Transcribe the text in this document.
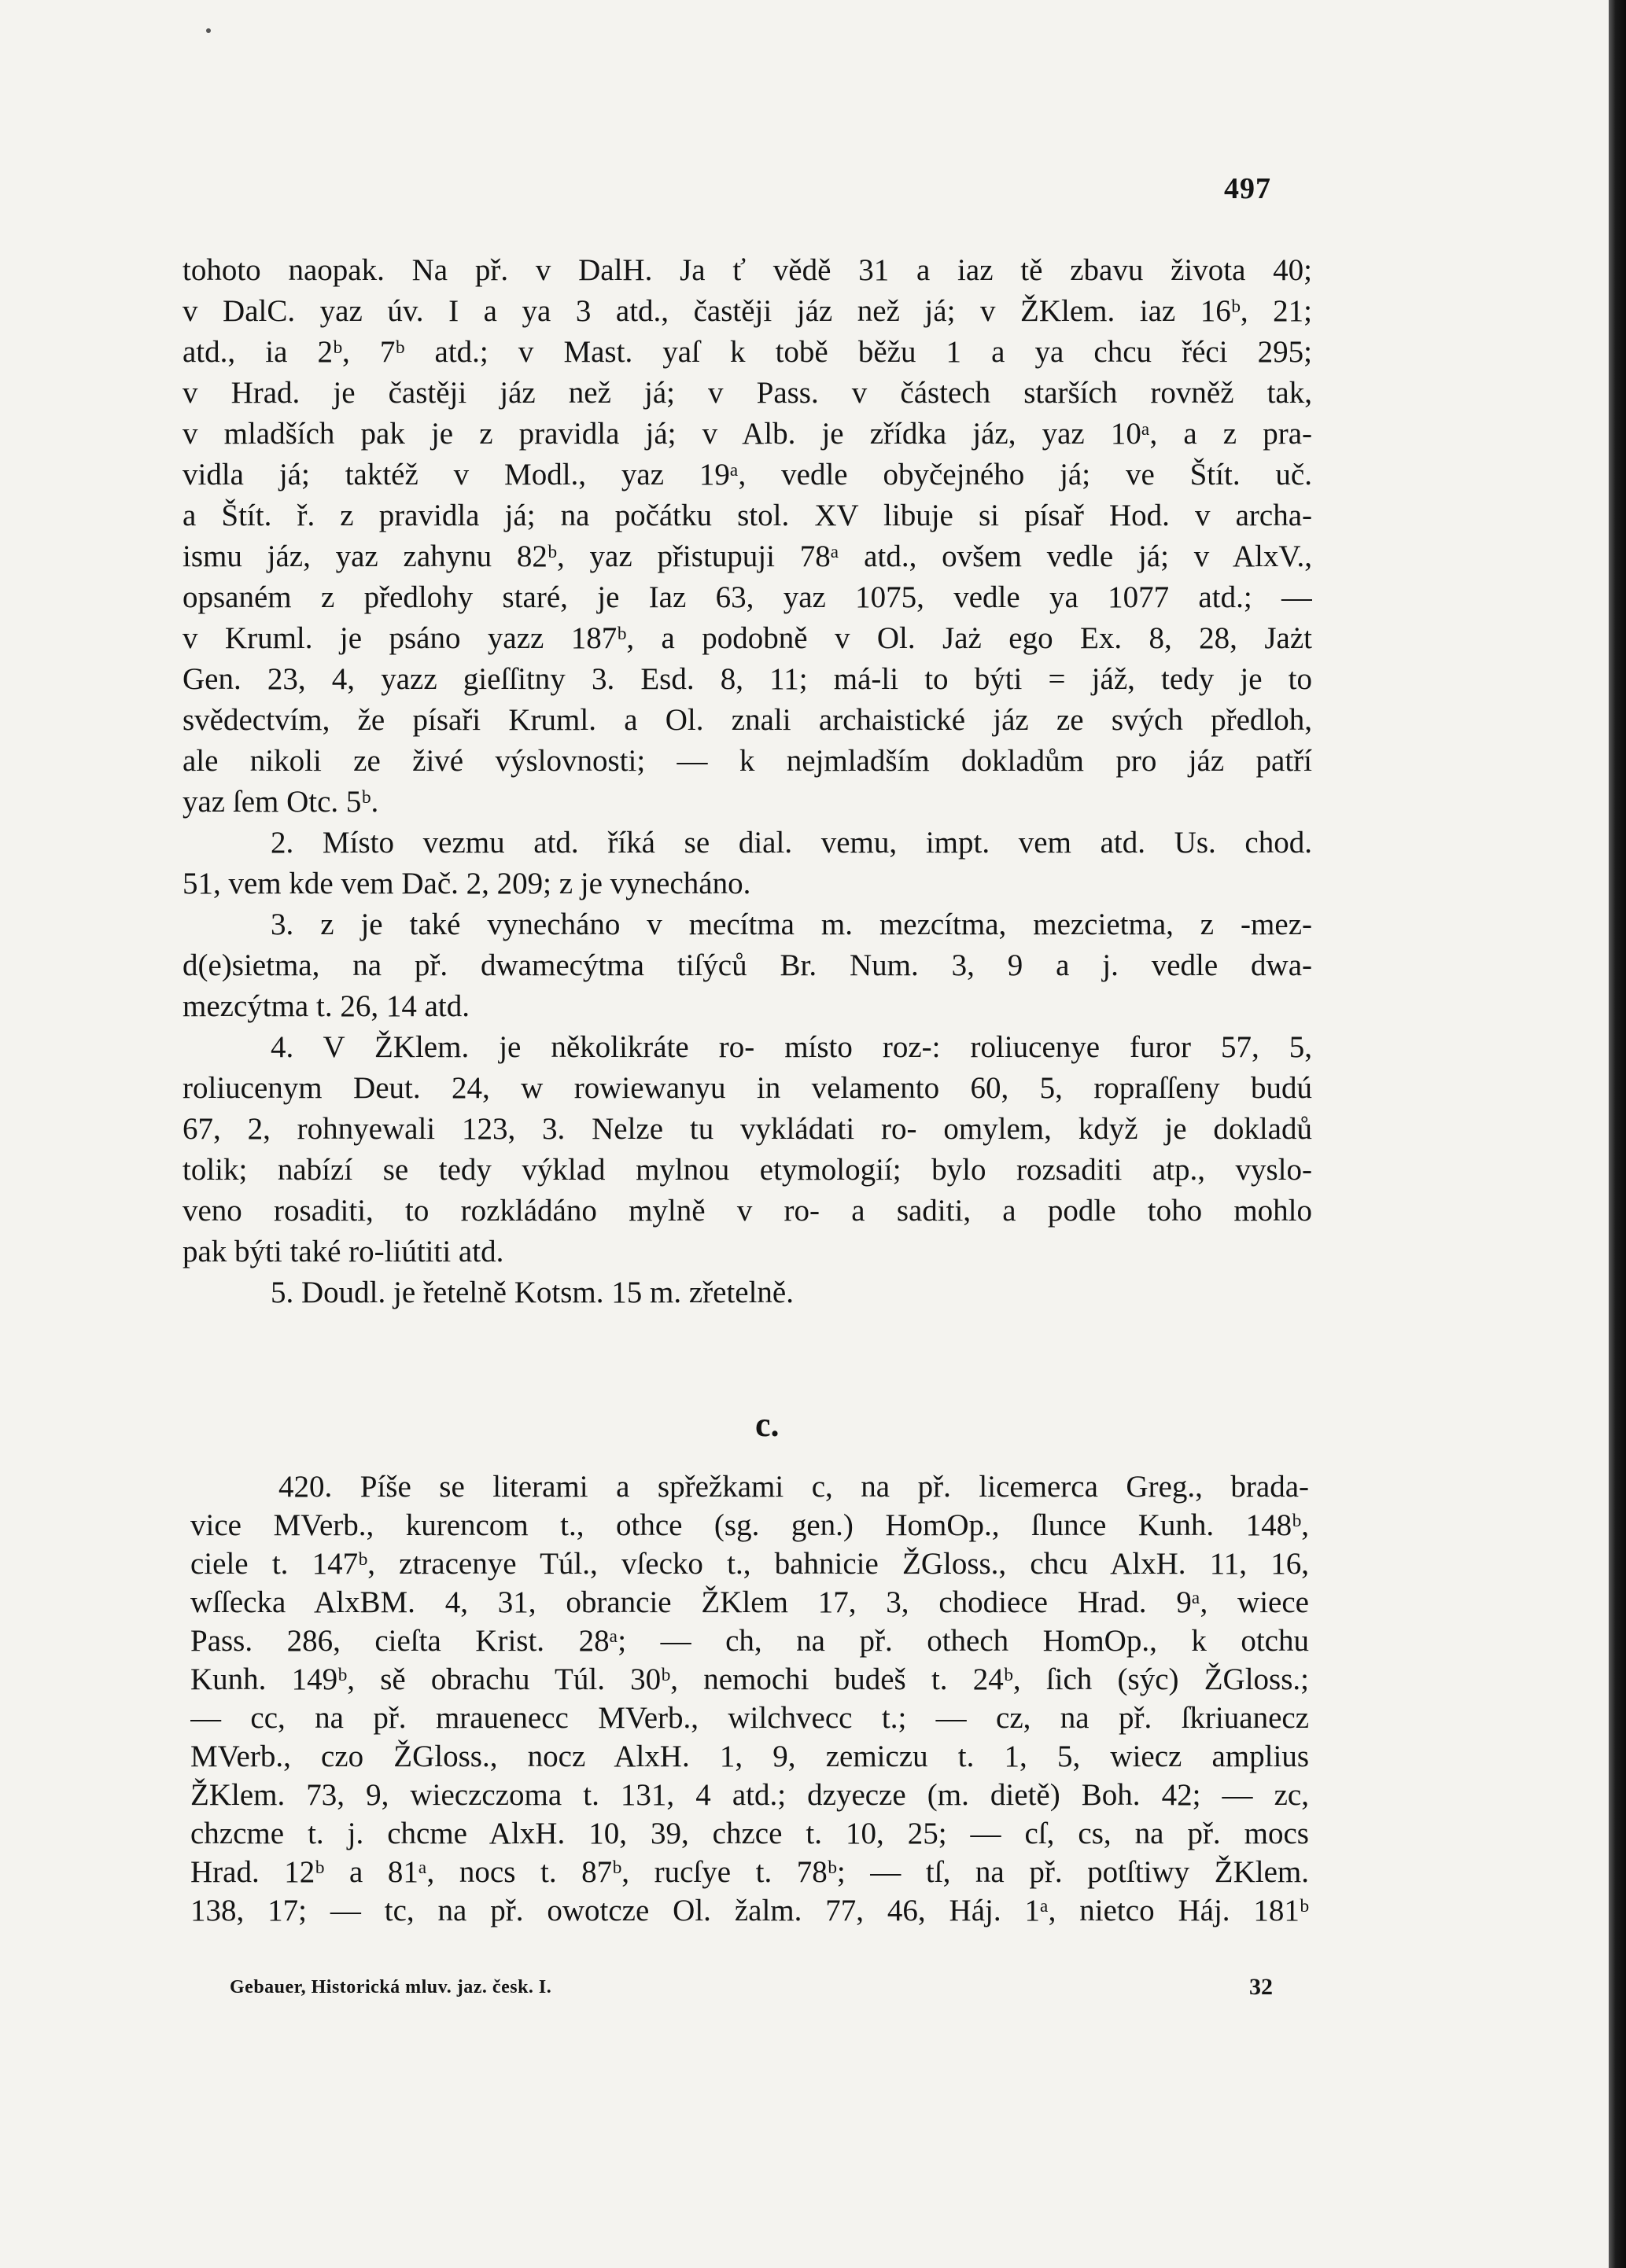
497
tohoto naopak. Na př. v DalH. Ja ť vědě 31 a iaz tě zbavu života 40;
v DalC. yaz úv. I a ya 3 atd., častěji jáz než já; v ŽKlem. iaz 16ᵇ, 21;
atd., ia 2ᵇ, 7ᵇ atd.; v Mast. yaſ k tobě běžu 1 a ya chcu řéci 295;
v Hrad. je častěji jáz než já; v Pass. v částech starších rovněž tak,
v mladších pak je z pravidla já; v Alb. je zřídka jáz, yaz 10ᵃ, a z pra-
vidla já; taktéž v Modl., yaz 19ᵃ, vedle obyčejného já; ve Štít. uč.
a Štít. ř. z pravidla já; na počátku stol. XV libuje si písař Hod. v archa-
ismu jáz, yaz zahynu 82ᵇ, yaz přistupuji 78ᵃ atd., ovšem vedle já; v AlxV.,
opsaném z předlohy staré, je Iaz 63, yaz 1075, vedle ya 1077 atd.; —
v Kruml. je psáno yazz 187ᵇ, a podobně v Ol. Jaż ego Ex. 8, 28, Jażt
Gen. 23, 4, yazz gieſſitny 3. Esd. 8, 11; má-li to býti = jáž, tedy je to
svědectvím, že písaři Kruml. a Ol. znali archaistické jáz ze svých předloh,
ale nikoli ze živé výslovnosti; — k nejmladším dokladům pro jáz patří
yaz ſem Otc. 5ᵇ.
2. Místo vezmu atd. říká se dial. vemu, impt. vem atd. Us. chod.
51, vem kde vem Dač. 2, 209; z je vynecháno.
3. z je také vynecháno v mecítma m. mezcítma, mezcietma, z -mez-
d(e)sietma, na př. dwamecýtma tiſýců Br. Num. 3, 9 a j. vedle dwa-
mezcýtma t. 26, 14 atd.
4. V ŽKlem. je několikráte ro- místo roz-: roliucenye furor 57, 5,
roliucenym Deut. 24, w rowiewanyu in velamento 60, 5, ropraſſeny budú
67, 2, rohnyewali 123, 3. Nelze tu vykládati ro- omylem, když je dokladů
tolik; nabízí se tedy výklad mylnou etymologií; bylo rozsaditi atp., vyslo-
veno rosaditi, to rozkládáno mylně v ro- a saditi, a podle toho mohlo
pak býti také ro-liútiti atd.
5. Doudl. je řetelně Kotsm. 15 m. zřetelně.
c.
420. Píše se literami a spřežkami c, na př. licemerca Greg., brada-
vice MVerb., kurencom t., othce (sg. gen.) HomOp., ſlunce Kunh. 148ᵇ,
ciele t. 147ᵇ, ztracenye Túl., vſecko t., bahnicie ŽGloss., chcu AlxH. 11, 16,
wſſecka AlxBM. 4, 31, obrancie ŽKlem 17, 3, chodiece Hrad. 9ᵃ, wiece
Pass. 286, cieſta Krist. 28ᵃ; — ch, na př. othech HomOp., k otchu
Kunh. 149ᵇ, sě obrachu Túl. 30ᵇ, nemochi budeš t. 24ᵇ, ſich (sýc) ŽGloss.;
— cc, na př. mrauenecc MVerb., wilchvecc t.; — cz, na př. ſkriuanecz
MVerb., czo ŽGloss., nocz AlxH. 1, 9, zemiczu t. 1, 5, wiecz amplius
ŽKlem. 73, 9, wieczczoma t. 131, 4 atd.; dzyecze (m. dietě) Boh. 42; — zc,
chzcme t. j. chcme AlxH. 10, 39, chzce t. 10, 25; — cſ, cs, na př. mocs
Hrad. 12ᵇ a 81ᵃ, nocs t. 87ᵇ, rucſye t. 78ᵇ; — tſ, na př. potſtiwy ŽKlem.
138, 17; — tc, na př. owotcze Ol. žalm. 77, 46, Háj. 1ᵃ, nietco Háj. 181ᵇ
Gebauer, Historická mluv. jaz. česk. I.	32
